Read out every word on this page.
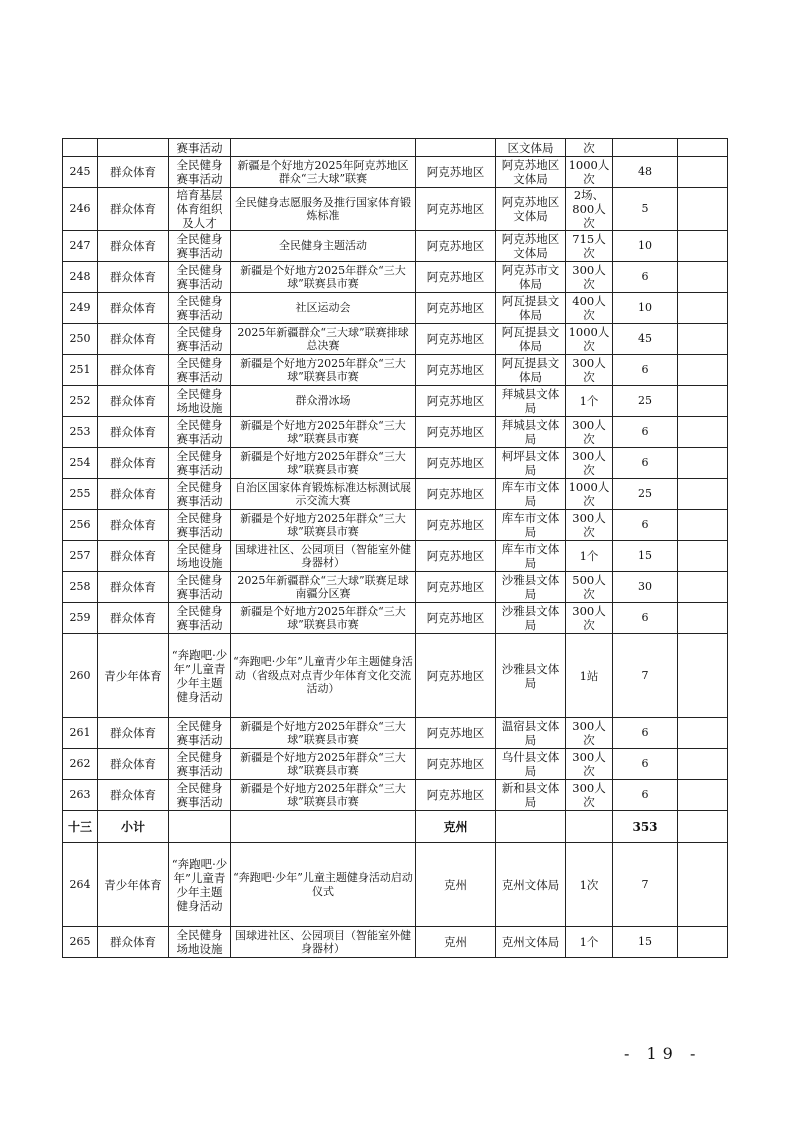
		赛事活动			区文体局	次		
245	群众体育	全民健身赛事活动	新疆是个好地方2025年阿克苏地区群众“三大球”联赛	阿克苏地区	阿克苏地区文体局	1000人次	48	
246	群众体育	培育基层体育组织及人才	全民健身志愿服务及推行国家体育锻炼标准	阿克苏地区	阿克苏地区文体局	2场、800人次	5	
247	群众体育	全民健身赛事活动	全民健身主题活动	阿克苏地区	阿克苏地区文体局	715人次	10	
248	群众体育	全民健身赛事活动	新疆是个好地方2025年群众“三大球”联赛县市赛	阿克苏地区	阿克苏市文体局	300人次	6	
249	群众体育	全民健身赛事活动	社区运动会	阿克苏地区	阿瓦提县文体局	400人次	10	
250	群众体育	全民健身赛事活动	2025年新疆群众“三大球”联赛排球总决赛	阿克苏地区	阿瓦提县文体局	1000人次	45	
251	群众体育	全民健身赛事活动	新疆是个好地方2025年群众“三大球”联赛县市赛	阿克苏地区	阿瓦提县文体局	300人次	6	
252	群众体育	全民健身场地设施	群众滑冰场	阿克苏地区	拜城县文体局	1个	25	
253	群众体育	全民健身赛事活动	新疆是个好地方2025年群众“三大球”联赛县市赛	阿克苏地区	拜城县文体局	300人次	6	
254	群众体育	全民健身赛事活动	新疆是个好地方2025年群众“三大球”联赛县市赛	阿克苏地区	柯坪县文体局	300人次	6	
255	群众体育	全民健身赛事活动	自治区国家体育锻炼标准达标测试展示交流大赛	阿克苏地区	库车市文体局	1000人次	25	
256	群众体育	全民健身赛事活动	新疆是个好地方2025年群众“三大球”联赛县市赛	阿克苏地区	库车市文体局	300人次	6	
257	群众体育	全民健身场地设施	国球进社区、公园项目（智能室外健身器材）	阿克苏地区	库车市文体局	1个	15	
258	群众体育	全民健身赛事活动	2025年新疆群众“三大球”联赛足球南疆分区赛	阿克苏地区	沙雅县文体局	500人次	30	
259	群众体育	全民健身赛事活动	新疆是个好地方2025年群众“三大球”联赛县市赛	阿克苏地区	沙雅县文体局	300人次	6	
260	青少年体育	“奔跑吧·少年”儿童青少年主题健身活动	“奔跑吧·少年”儿童青少年主题健身活动（省级点对点青少年体育文化交流活动）	阿克苏地区	沙雅县文体局	1站	7	
261	群众体育	全民健身赛事活动	新疆是个好地方2025年群众“三大球”联赛县市赛	阿克苏地区	温宿县文体局	300人次	6	
262	群众体育	全民健身赛事活动	新疆是个好地方2025年群众“三大球”联赛县市赛	阿克苏地区	乌什县文体局	300人次	6	
263	群众体育	全民健身赛事活动	新疆是个好地方2025年群众“三大球”联赛县市赛	阿克苏地区	新和县文体局	300人次	6	
十三	小计			克州			353	
264	青少年体育	“奔跑吧·少年”儿童青少年主题健身活动	“奔跑吧·少年”儿童主题健身活动启动仪式	克州	克州文体局	1次	7	
265	群众体育	全民健身场地设施	国球进社区、公园项目（智能室外健身器材）	克州	克州文体局	1个	15	
- 19 -
